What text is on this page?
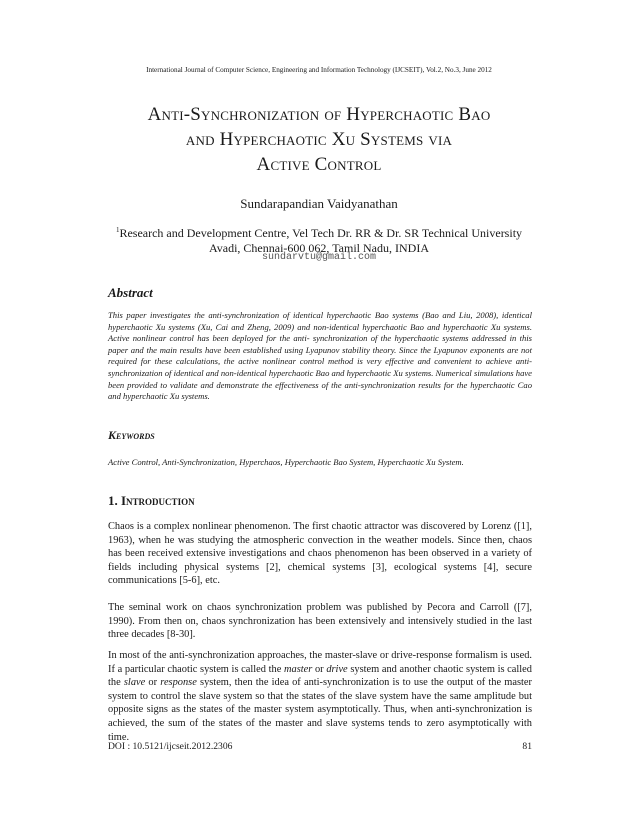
International Journal of Computer Science, Engineering and Information Technology (IJCSEIT), Vol.2, No.3, June 2012
Anti-Synchronization of Hyperchaotic Bao
and Hyperchaotic Xu Systems via
Active Control
Sundarapandian Vaidyanathan
$^1$Research and Development Centre, Vel Tech Dr. RR & Dr. SR Technical University
Avadi, Chennai-600 062, Tamil Nadu, INDIA
sundarvtu@gmail.com
Abstract
This paper investigates the anti-synchronization of identical hyperchaotic Bao systems (Bao and Liu, 2008), identical hyperchaotic Xu systems (Xu, Cai and Zheng, 2009) and non-identical hyperchaotic Bao and hyperchaotic Xu systems. Active nonlinear control has been deployed for the anti- synchronization of the hyperchaotic systems addressed in this paper and the main results have been established using Lyapunov stability theory. Since the Lyapunov exponents are not required for these calculations, the active nonlinear control method is very effective and convenient to achieve anti-synchronization of identical and non-identical hyperchaotic Bao and hyperchaotic Xu systems. Numerical simulations have been provided to validate and demonstrate the effectiveness of the anti-synchronization results for the hyperchaotic Cao and hyperchaotic Xu systems.
Keywords
Active Control, Anti-Synchronization, Hyperchaos, Hyperchaotic Bao System, Hyperchaotic Xu System.
1. Introduction
Chaos is a complex nonlinear phenomenon. The first chaotic attractor was discovered by Lorenz ([1], 1963), when he was studying the atmospheric convection in the weather models. Since then, chaos has been received extensive investigations and chaos phenomenon has been observed in a variety of fields including physical systems [2], chemical systems [3], ecological systems [4], secure communications [5-6], etc.
The seminal work on chaos synchronization problem was published by Pecora and Carroll ([7], 1990). From then on, chaos synchronization has been extensively and intensively studied in the last three decades [8-30].
In most of the anti-synchronization approaches, the master-slave or drive-response formalism is used. If a particular chaotic system is called the master or drive system and another chaotic system is called the slave or response system, then the idea of anti-synchronization is to use the output of the master system to control the slave system so that the states of the slave system have the same amplitude but opposite signs as the states of the master system asymptotically. Thus, when anti-synchronization is achieved, the sum of the states of the master and slave systems tends to zero asymptotically with time.
DOI : 10.5121/ijcseit.2012.2306	81
